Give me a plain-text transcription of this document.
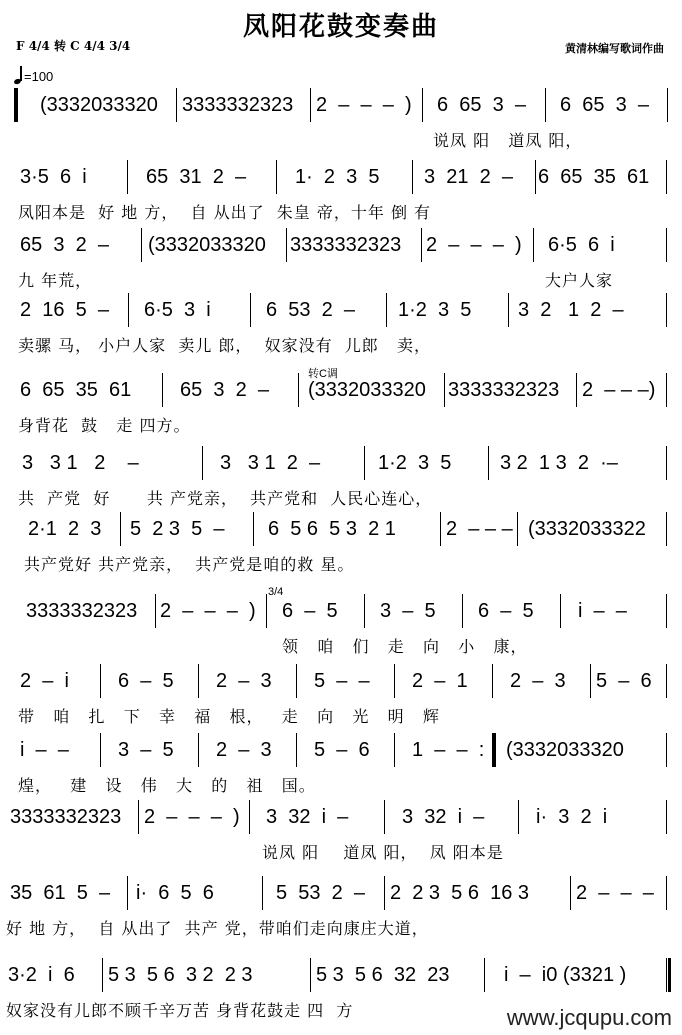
凤阳花鼓变奏曲
F 4/4 转 C 4/4 3/4	黄清林编写歌词作曲
=100
(3332033320 3333332323 2  –  –  –  ) 6  65  3  – 6  65  3  –
说凤 阳   道凤 阳，
3·5  6  i	65  31  2  – 1·  2  3  5 3  21  2  – 6  65  35  61
凤阳本是  好 地 方，  自 从出了  朱皇 帝，十年 倒 有
65  3  2  – (3332033320 3333332323 2  –  –  –  ) 6·5  6  i
九 年荒，	大户人家
2  16  5  – 6·5  3  i	6  53  2  – 1·2  3  5 3  2   1  2  –
卖骡 马， 小户人家  卖儿 郎，  奴家没有  儿郎   卖，
6  65  35  61 65  3  2  – (3332033320 3333332323 2  – – –)
身背花  鼓   走 四方。
转C调
3   3 1   2    –	3   3 1  2  –	1·2  3  5 3 2  1 3  2  ·–
共  产党  好      共 产党亲，  共产党和  人民心连心，
2·1  2  3 5  2 3  5  – 6  5 6  5 3  2 1	2  – – – (3332033322
共产党好 共产党亲，  共产党是咱的救 星。
3333332323 2  –  –  –  ) 6  –  5 3  –  5 6  –  5 i  –  –
领   咱   们   走   向   小   康，
3/4
2  –  i 6  –  5 2  –  3 5  –  – 2  –  1 2  –  3 5  –  6
带   咱   扎   下   幸   福   根，   走   向   光   明   辉
i  –  – 3  –  5 2  –  3 5  –  6 1  –  –  : (3332033320
煌，   建   设   伟   大   的   祖   国。
3333332323 2  –  –  –  ) 3  32  i  –	3  32  i  –	i·  3  2  i
说凤 阳    道凤 阳，  凤 阳本是
35  61  5  – i·  6  5  6	5  53  2  – 2  2 3  5 6  16 3 2  –  –  –
好 地 方，  自 从出了  共产 党，带咱们走向康庄大道，
3·2  i  6 5 3  5 6  3 2  2 3	5 3  5 6  32  23	i  –  i0 (3321 )
奴家没有儿郎不顾千辛万苦 身背花鼓走 四  方	www.jcqupu.com
